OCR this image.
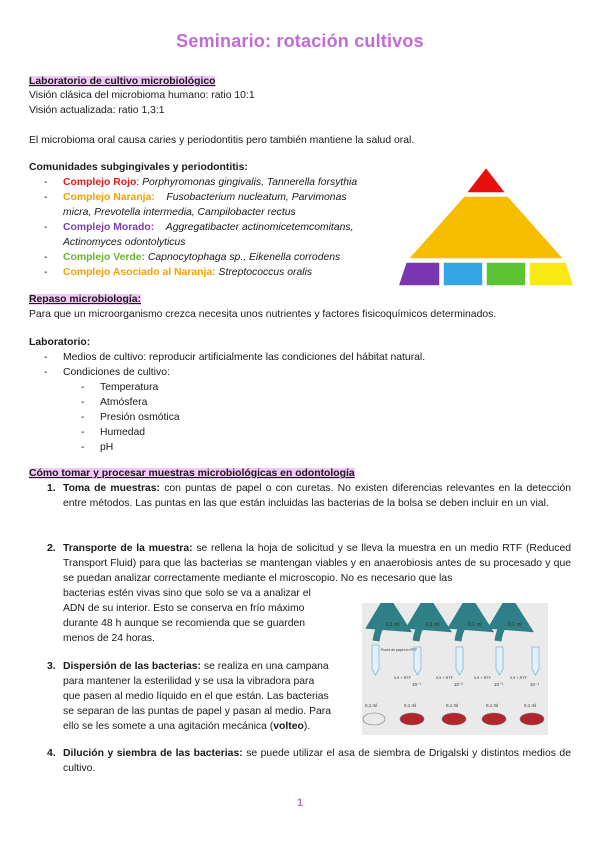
Seminario: rotación cultivos
Laboratorio de cultivo microbiológico
Visión clásica del microbioma humano: ratio 10:1
Visión actualizada: ratio 1,3:1
El microbioma oral causa caries y periodontitis pero también mantiene la salud oral.
Comunidades subgingivales y periodontitis:
- Complejo Rojo: Porphyromonas gingivalis, Tannerella forsythia
- Complejo Naranja: Fusobacterium nucleatum, Parvimonas
micra, Prevotella intermedia, Campilobacter rectus
- Complejo Morado: Aggregatibacter actinomicetemcomitans,
Actinomyces odontolyticus
- Complejo Verde: Capnocytophaga sp., Eikenella corrodens
- Complejo Asociado al Naranja: Streptococcus oralis
Repaso microbiología:
Para que un microorganismo crezca necesita unos nutrientes y factores fisicoquímicos determinados.
Laboratorio:
- Medios de cultivo: reproducir artificialmente las condiciones del hábitat natural.
- Condiciones de cultivo:
- Temperatura
- Atmósfera
- Presión osmótica
- Humedad
- pH
Cómo tomar y procesar muestras microbiológicas en odontología
1. Toma de muestras: con puntas de papel o con curetas. No existen diferencias relevantes en la detección entre métodos. Las puntas en las que están incluidas las bacterias de la bolsa se deben incluir en un vial.
2. Transporte de la muestra: se rellena la hoja de solicitud y se lleva la muestra en un medio RTF (Reduced Transport Fluid) para que las bacterias se mantengan viables y en anaerobiosis antes de su procesado y que se puedan analizar correctamente mediante el microscopio. No es necesario que las
bacterias estén vivas sino que solo se va a analizar el
ADN de su interior. Esto se conserva en frío máximo
durante 48 h aunque se recomienda que se guarden
menos de 24 horas.
3. Dispersión de las bacterias: se realiza en una campana
para mantener la esterilidad y se usa la vibradora para
que pasen al medio líquido en el que están. Las bacterias
se separan de las puntas de papel y pasan al medio. Para
ello se les somete a una agitación mecánica (volteo).
4. Dilución y siembra de las bacterias: se puede utilizar el asa de siembra de Drigalski y distintos medios de cultivo.
0,1 ml	0,1 ml	0,1 ml	0,1 ml
Punta de papel en RTF
0,9 + RTF	0,9 + RTF	0,9 + RTF	0,9 + RTF
10⁻¹	10⁻²	10⁻³	10⁻⁴
0,1 ml	0,1 ml	0,1 ml	0,1 ml	0,1 ml
1
